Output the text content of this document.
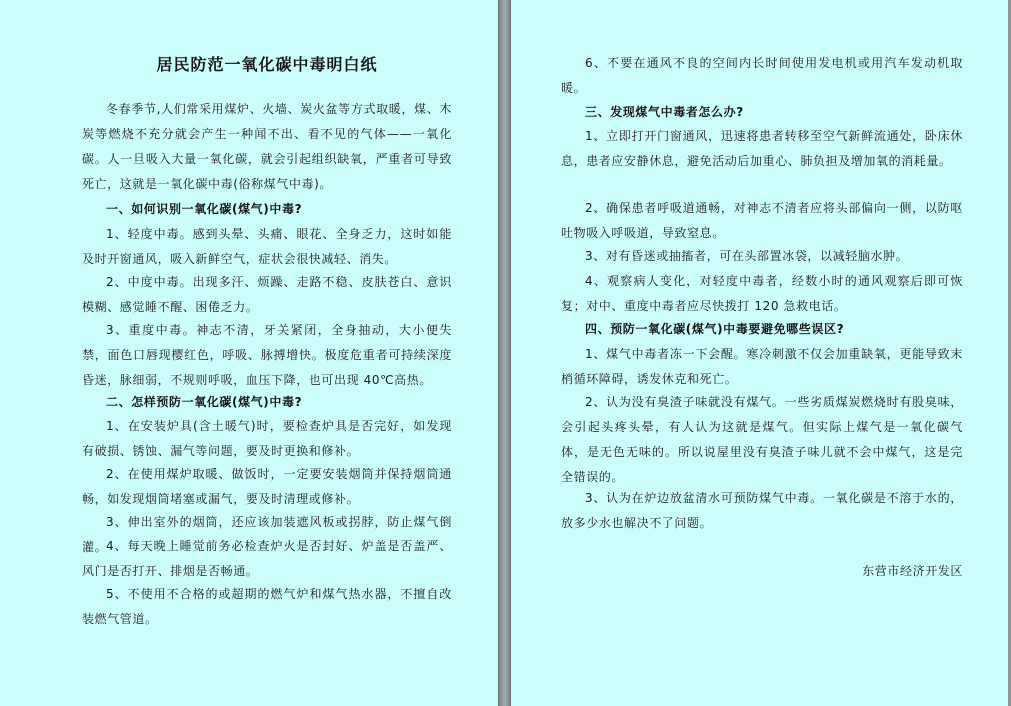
居民防范一氧化碳中毒明白纸
冬春季节,人们常采用煤炉、火墙、炭火盆等方式取暖，煤、木炭等燃烧不充分就会产生一种闻不出、看不见的气体——一氧化碳。人一旦吸入大量一氧化碳，就会引起组织缺氧，严重者可导致死亡，这就是一氧化碳中毒(俗称煤气中毒)。
一、如何识别一氧化碳(煤气)中毒?
1、轻度中毒。感到头晕、头痛、眼花、全身乏力，这时如能及时开窗通风，吸入新鲜空气，症状会很快减轻、消失。
2、中度中毒。出现多汗、烦躁、走路不稳、皮肤苍白、意识模糊、感觉睡不醒、困倦乏力。
3、重度中毒。神志不清，牙关紧闭，全身抽动，大小便失禁，面色口唇现樱红色，呼吸、脉搏增快。极度危重者可持续深度昏迷，脉细弱，不规则呼吸，血压下降，也可出现 40℃高热。
二、怎样预防一氧化碳(煤气)中毒?
1、在安装炉具(含土暖气)时，要检查炉具是否完好，如发现有破损、锈蚀、漏气等问题，要及时更换和修补。
2、在使用煤炉取暖、做饭时，一定要安装烟筒并保持烟筒通畅，如发现烟筒堵塞或漏气，要及时清理或修补。
3、伸出室外的烟筒，还应该加装遮风板或拐脖，防止煤气倒灌。
4、每天晚上睡觉前务必检查炉火是否封好、炉盖是否盖严、风门是否打开、排烟是否畅通。
5、不使用不合格的或超期的燃气炉和煤气热水器，不擅自改装燃气管道。
6、不要在通风不良的空间内长时间使用发电机或用汽车发动机取暖。
三、发现煤气中毒者怎么办?
1、立即打开门窗通风，迅速将患者转移至空气新鲜流通处，卧床休息，患者应安静休息，避免活动后加重心、肺负担及增加氧的消耗量。
2、确保患者呼吸道通畅，对神志不清者应将头部偏向一侧，以防呕吐物吸入呼吸道，导致窒息。
3、对有昏迷或抽搐者，可在头部置冰袋，以减轻脑水肿。
4、观察病人变化，对轻度中毒者，经数小时的通风观察后即可恢复；对中、重度中毒者应尽快拨打 120 急救电话。
四、预防一氧化碳(煤气)中毒要避免哪些误区?
1、煤气中毒者冻一下会醒。寒冷刺激不仅会加重缺氧，更能导致末梢循环障碍，诱发休克和死亡。
2、认为没有臭渣子味就没有煤气。一些劣质煤炭燃烧时有股臭味，会引起头疼头晕，有人认为这就是煤气。但实际上煤气是一氧化碳气体，是无色无味的。所以说屋里没有臭渣子味儿就不会中煤气，这是完全错误的。
3、认为在炉边放盆清水可预防煤气中毒。一氧化碳是不溶于水的，放多少水也解决不了问题。
东营市经济开发区
